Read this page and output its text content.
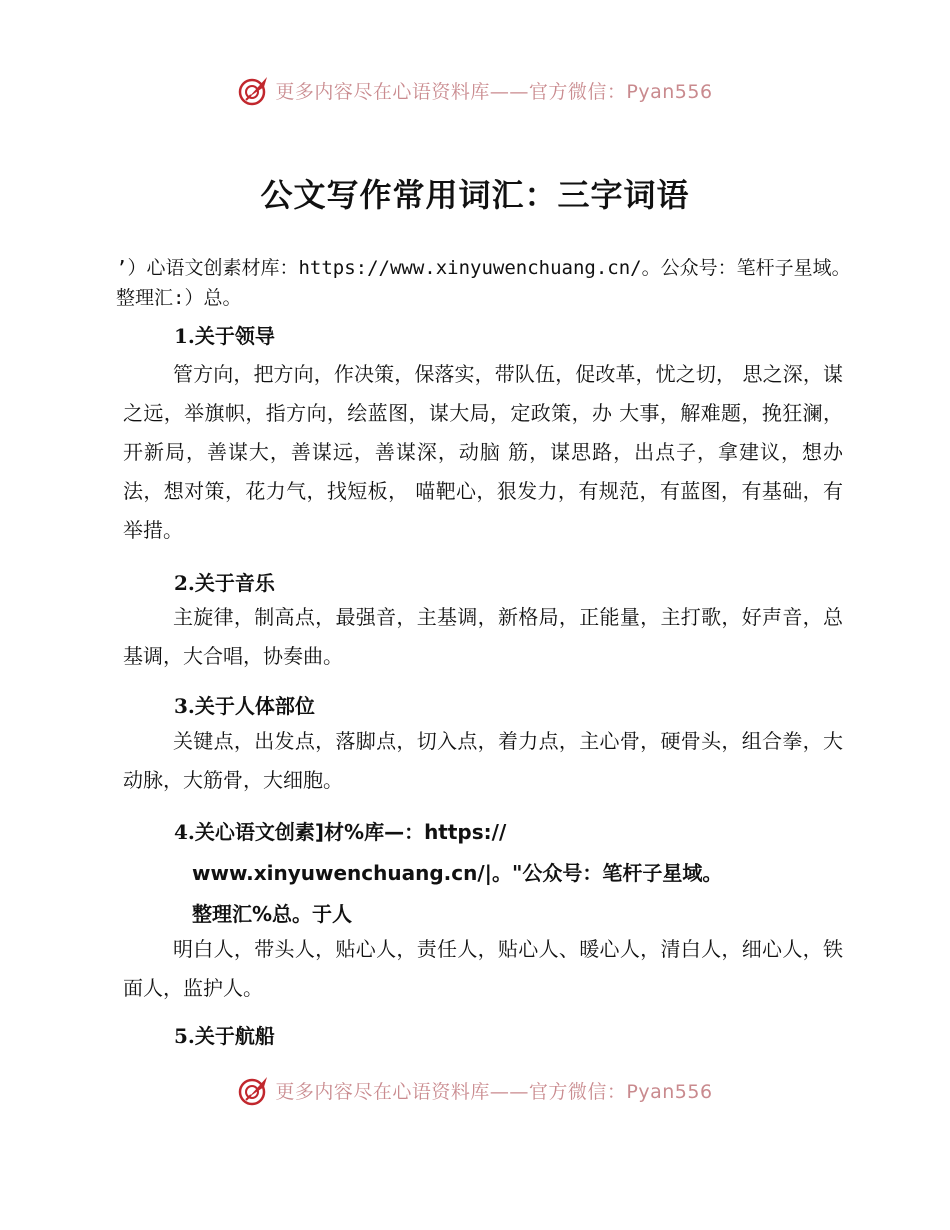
更多内容尽在心语资料库——官方微信：Pyan556
公文写作常用词汇：三字词语
’）心语文创素材库：https://www.xinyuwenchuang.cn/。公众号：笔杆子星域。整理汇:）总。
1.关于领导
管方向，把方向，作决策，保落实，带队伍，促改革，忧之切， 思之深，谋之远，举旗帜，指方向，绘蓝图，谋大局，定政策，办 大事，解难题，挽狂澜，开新局，善谋大，善谋远，善谋深，动脑 筋，谋思路，出点子，拿建议，想办法，想对策，花力气，找短板， 喵靶心，狠发力，有规范，有蓝图，有基础，有举措。
2.关于音乐
主旋律，制高点，最强音，主基调，新格局，正能量，主打歌，好声音，总基调，大合唱，协奏曲。
3.关于人体部位
关键点，出发点，落脚点，切入点，着力点，主心骨，硬骨头，组合拳，大动脉，大筋骨，大细胞。
4.关心语文创素]材%库—：https://
www.xinyuwenchuang.cn/|。"公众号：笔杆子星域。
整理汇%总。于人
明白人，带头人，贴心人，责任人，贴心人、暖心人，清白人，细心人，铁面人，监护人。
5.关于航船
更多内容尽在心语资料库——官方微信：Pyan556
